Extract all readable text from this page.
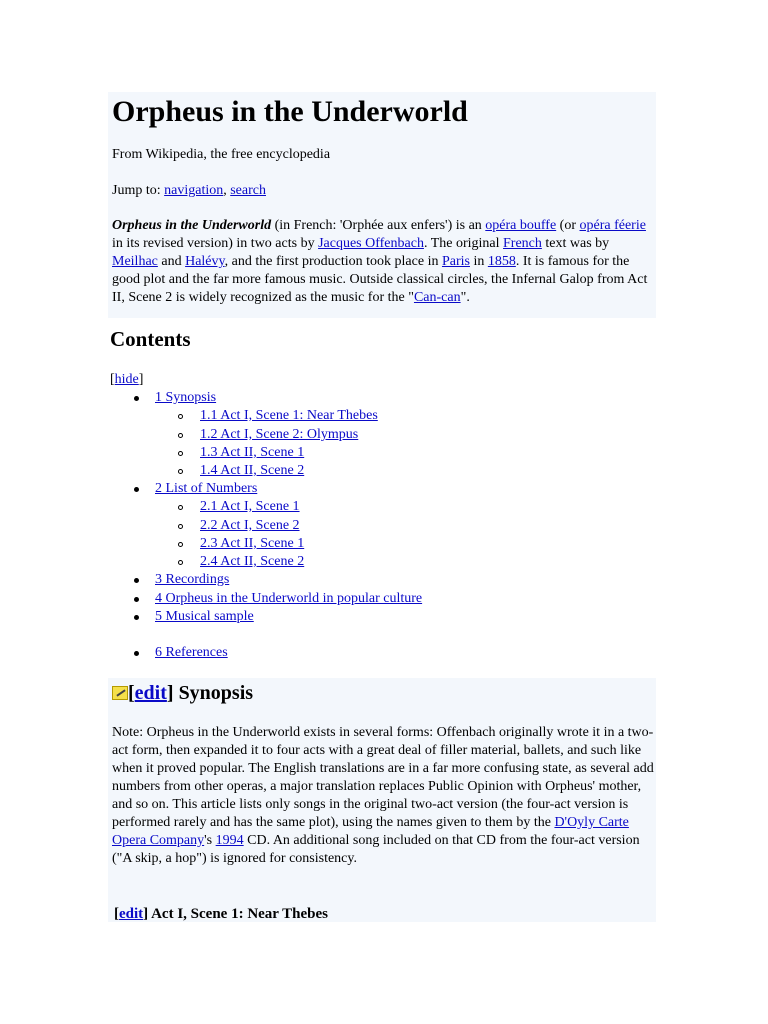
Orpheus in the Underworld
From Wikipedia, the free encyclopedia
Jump to: navigation, search
Orpheus in the Underworld (in French: 'Orphée aux enfers') is an opéra bouffe (or opéra féerie in its revised version) in two acts by Jacques Offenbach. The original French text was by Meilhac and Halévy, and the first production took place in Paris in 1858. It is famous for the good plot and the far more famous music. Outside classical circles, the Infernal Galop from Act II, Scene 2 is widely recognized as the music for the "Can-can".
Contents
[hide]
1 Synopsis
1.1 Act I, Scene 1: Near Thebes
1.2 Act I, Scene 2: Olympus
1.3 Act II, Scene 1
1.4 Act II, Scene 2
2 List of Numbers
2.1 Act I, Scene 1
2.2 Act I, Scene 2
2.3 Act II, Scene 1
2.4 Act II, Scene 2
3 Recordings
4 Orpheus in the Underworld in popular culture
5 Musical sample
6 References
[edit] Synopsis
Note: Orpheus in the Underworld exists in several forms: Offenbach originally wrote it in a two-act form, then expanded it to four acts with a great deal of filler material, ballets, and such like when it proved popular. The English translations are in a far more confusing state, as several add numbers from other operas, a major translation replaces Public Opinion with Orpheus' mother, and so on. This article lists only songs in the original two-act version (the four-act version is performed rarely and has the same plot), using the names given to them by the D'Oyly Carte Opera Company's 1994 CD. An additional song included on that CD from the four-act version ("A skip, a hop") is ignored for consistency.
[edit] Act I, Scene 1: Near Thebes
